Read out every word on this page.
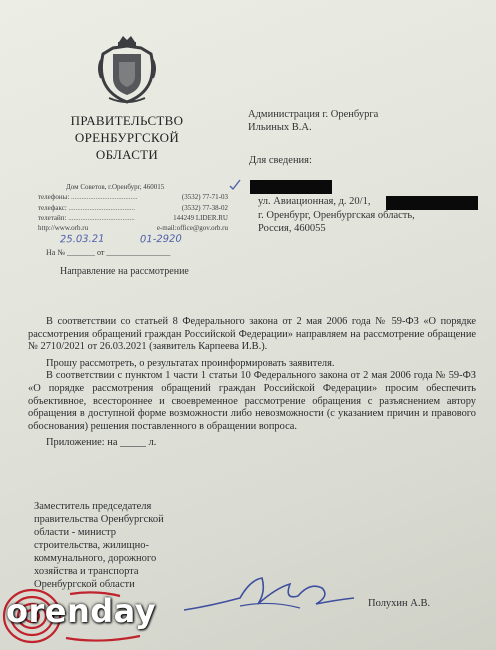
ПРАВИТЕЛЬСТВО
ОРЕНБУРГСКОЙ
ОБЛАСТИ
Дом Советов, г.Оренбург, 460015
телефоны: ......................................	(3532) 77-71-03
телефакс: ......................................	(3532) 77-38-02
телетайп: ......................................	144249 LIDER.RU
http://www.orb.ru	e-mail:office@gov.orb.ru
25.03.21	01-2920
На № _______ от ________________
Направление на рассмотрение
Администрация г. Оренбурга
Ильиных В.А.
Для сведения:
ул. Авиационная, д. 20/1,
г. Оренбург, Оренбургская область,
Россия, 460055

В соответствии со статьей 8 Федерального закона от 2 мая 2006 года № 59-ФЗ «О порядке рассмотрения обращений граждан Российской Федерации» направляем на рассмотрение обращение № 2710/2021 от 26.03.2021 (заявитель Карпеева И.В.).

Прошу рассмотреть, о результатах проинформировать заявителя.

В соответствии с пунктом 1 части 1 статьи 10 Федерального закона от 2 мая 2006 года № 59-ФЗ «О порядке рассмотрения обращений граждан Российской Федерации» просим обеспечить объективное, всестороннее и своевременное рассмотрение обращения с разъяснением автору обращения в доступной форме возможности либо невозможности (с указанием причин и правового обоснования) решения поставленного в обращении вопроса.

Приложение: на _____ л.

Заместитель председателя
правительства Оренбургской
области - министр
строительства, жилищно-
коммунального, дорожного
хозяйства и транспорта
Оренбургской области
Полухин А.В.
orenday
